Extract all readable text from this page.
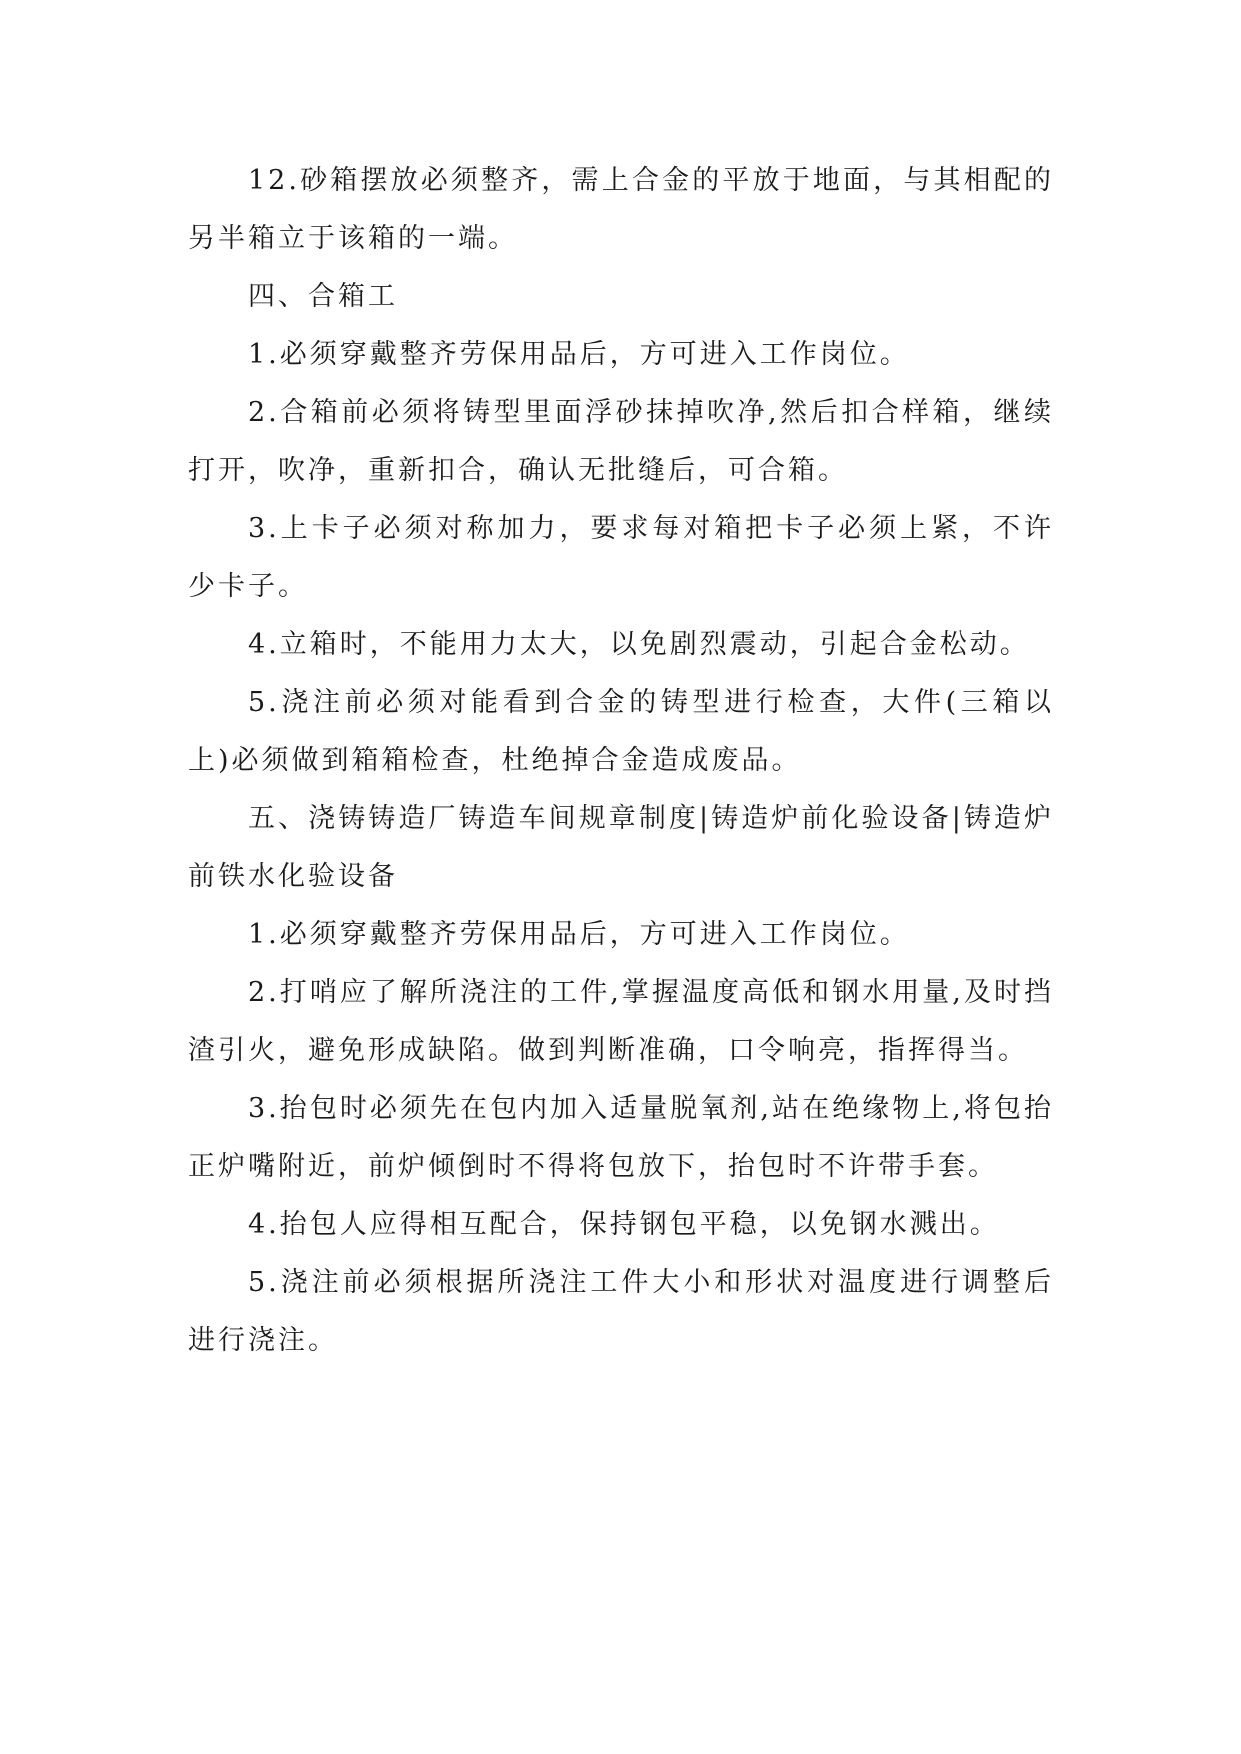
12.砂箱摆放必须整齐，需上合金的平放于地面，与其相配的另半箱立于该箱的一端。

四、合箱工

1.必须穿戴整齐劳保用品后，方可进入工作岗位。

2.合箱前必须将铸型里面浮砂抹掉吹净,然后扣合样箱，继续打开，吹净，重新扣合，确认无批缝后，可合箱。

3.上卡子必须对称加力，要求每对箱把卡子必须上紧，不许少卡子。

4.立箱时，不能用力太大，以免剧烈震动，引起合金松动。

5.浇注前必须对能看到合金的铸型进行检查，大件(三箱以上)必须做到箱箱检查，杜绝掉合金造成废品。

五、浇铸铸造厂铸造车间规章制度|铸造炉前化验设备|铸造炉前铁水化验设备

1.必须穿戴整齐劳保用品后，方可进入工作岗位。

2.打哨应了解所浇注的工件,掌握温度高低和钢水用量,及时挡渣引火，避免形成缺陷。做到判断准确，口令响亮，指挥得当。

3.抬包时必须先在包内加入适量脱氧剂,站在绝缘物上,将包抬正炉嘴附近，前炉倾倒时不得将包放下，抬包时不许带手套。

4.抬包人应得相互配合，保持钢包平稳，以免钢水溅出。

5.浇注前必须根据所浇注工件大小和形状对温度进行调整后进行浇注。
